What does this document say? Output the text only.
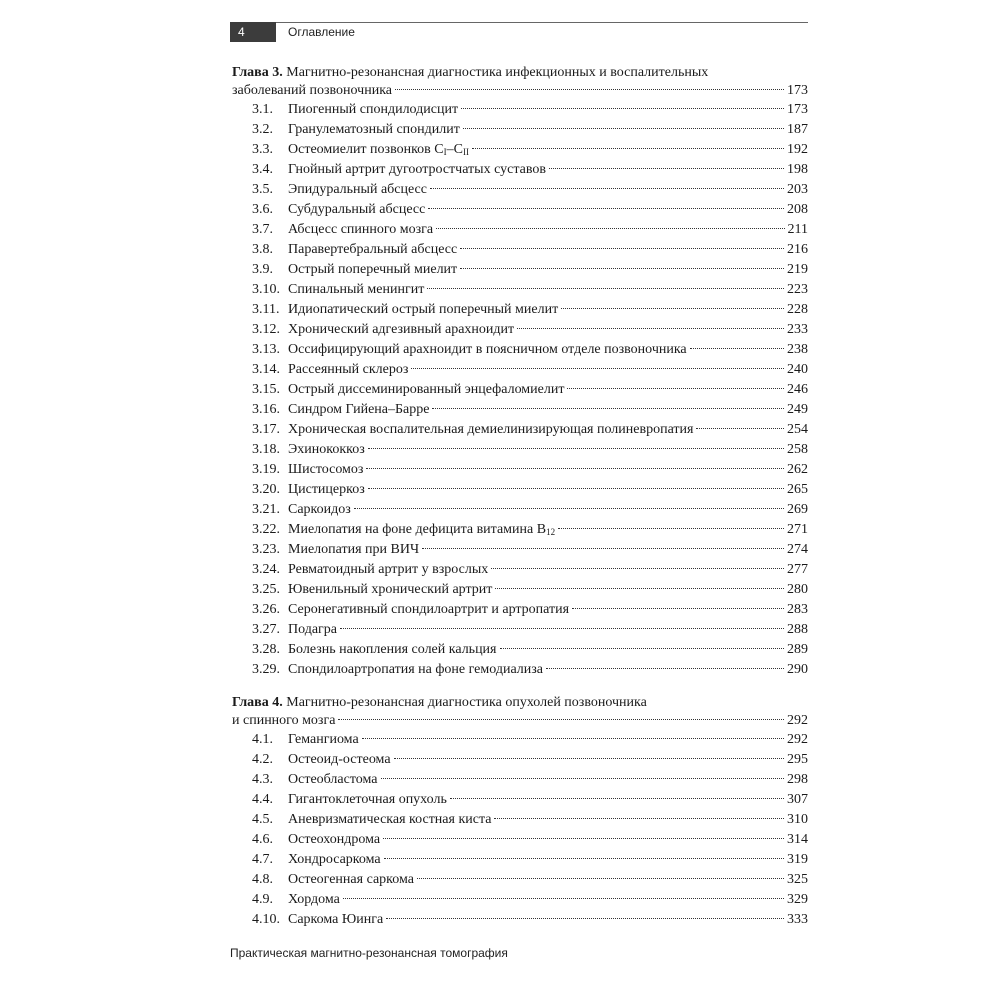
4	Оглавление
Глава 3. Магнитно-резонансная диагностика инфекционных и воспалительных
заболеваний позвоночника	173
3.1.	Пиогенный спондилодисцит	173
3.2.	Гранулематозный спондилит	187
3.3.	Остеомиелит позвонков $C_I-C_{II}$	192
3.4.	Гнойный артрит дугоотростчатых суставов	198
3.5.	Эпидуральный абсцесс	203
3.6.	Субдуральный абсцесс	208
3.7.	Абсцесс спинного мозга	211
3.8.	Паравертебральный абсцесс	216
3.9.	Острый поперечный миелит	219
3.10. Спинальный менингит	223
3.11. Идиопатический острый поперечный миелит	228
3.12. Хронический адгезивный арахноидит	233
3.13. Оссифицирующий арахноидит в поясничном отделе позвоночника	238
3.14. Рассеянный склероз	240
3.15. Острый диссеминированный энцефаломиелит	246
3.16. Синдром Гийена–Барре	249
3.17. Хроническая воспалительная демиелинизирующая полиневропатия	254
3.18. Эхинококкоз	258
3.19. Шистосомоз	262
3.20. Цистицеркоз	265
3.21. Саркоидоз	269
3.22. Миелопатия на фоне дефицита витамина $B_{12}$	271
3.23. Миелопатия при ВИЧ	274
3.24. Ревматоидный артрит у взрослых	277
3.25. Ювенильный хронический артрит	280
3.26. Серонегативный спондилоартрит и артропатия	283
3.27. Подагра	288
3.28. Болезнь накопления солей кальция	289
3.29. Спондилоартропатия на фоне гемодиализа	290
Глава 4. Магнитно-резонансная диагностика опухолей позвоночника
и спинного мозга	292
4.1.	Гемангиома	292
4.2.	Остеоид-остеома	295
4.3.	Остеобластома	298
4.4.	Гигантоклеточная опухоль	307
4.5.	Аневризматическая костная киста	310
4.6.	Остеохондрома	314
4.7.	Хондросаркома	319
4.8.	Остеогенная саркома	325
4.9.	Хордома	329
4.10. Саркома Юинга	333
Практическая магнитно-резонансная томография
